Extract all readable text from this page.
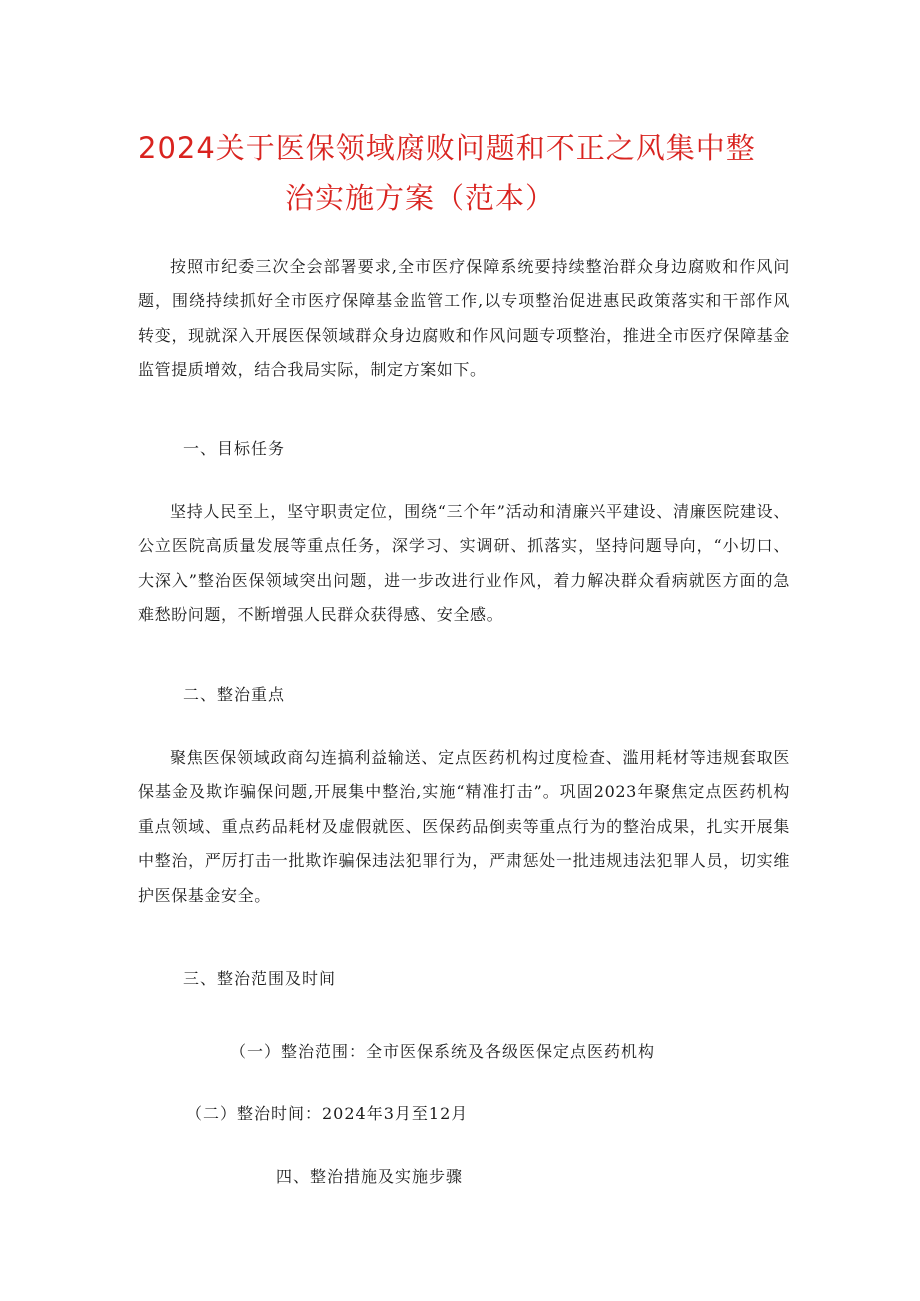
2024关于医保领域腐败问题和不正之风集中整
治实施方案（范本）

按照市纪委三次全会部署要求,全市医疗保障系统要持续整治群众身边腐败和作风问题，围绕持续抓好全市医疗保障基金监管工作,以专项整治促进惠民政策落实和干部作风转变，现就深入开展医保领域群众身边腐败和作风问题专项整治，推进全市医疗保障基金监管提质增效，结合我局实际，制定方案如下。

一、目标任务

坚持人民至上，坚守职责定位，围绕“三个年”活动和清廉兴平建设、清廉医院建设、公立医院高质量发展等重点任务，深学习、实调研、抓落实，坚持问题导向，“小切口、大深入”整治医保领域突出问题，进一步改进行业作风，着力解决群众看病就医方面的急难愁盼问题，不断增强人民群众获得感、安全感。

二、整治重点

聚焦医保领域政商勾连搞利益输送、定点医药机构过度检查、滥用耗材等违规套取医保基金及欺诈骗保问题,开展集中整治,实施“精准打击”。巩固2023年聚焦定点医药机构重点领域、重点药品耗材及虚假就医、医保药品倒卖等重点行为的整治成果，扎实开展集中整治，严厉打击一批欺诈骗保违法犯罪行为，严肃惩处一批违规违法犯罪人员，切实维护医保基金安全。

三、整治范围及时间

（一）整治范围：全市医保系统及各级医保定点医药机构

（二）整治时间：2024年3月至12月

四、整治措施及实施步骤
